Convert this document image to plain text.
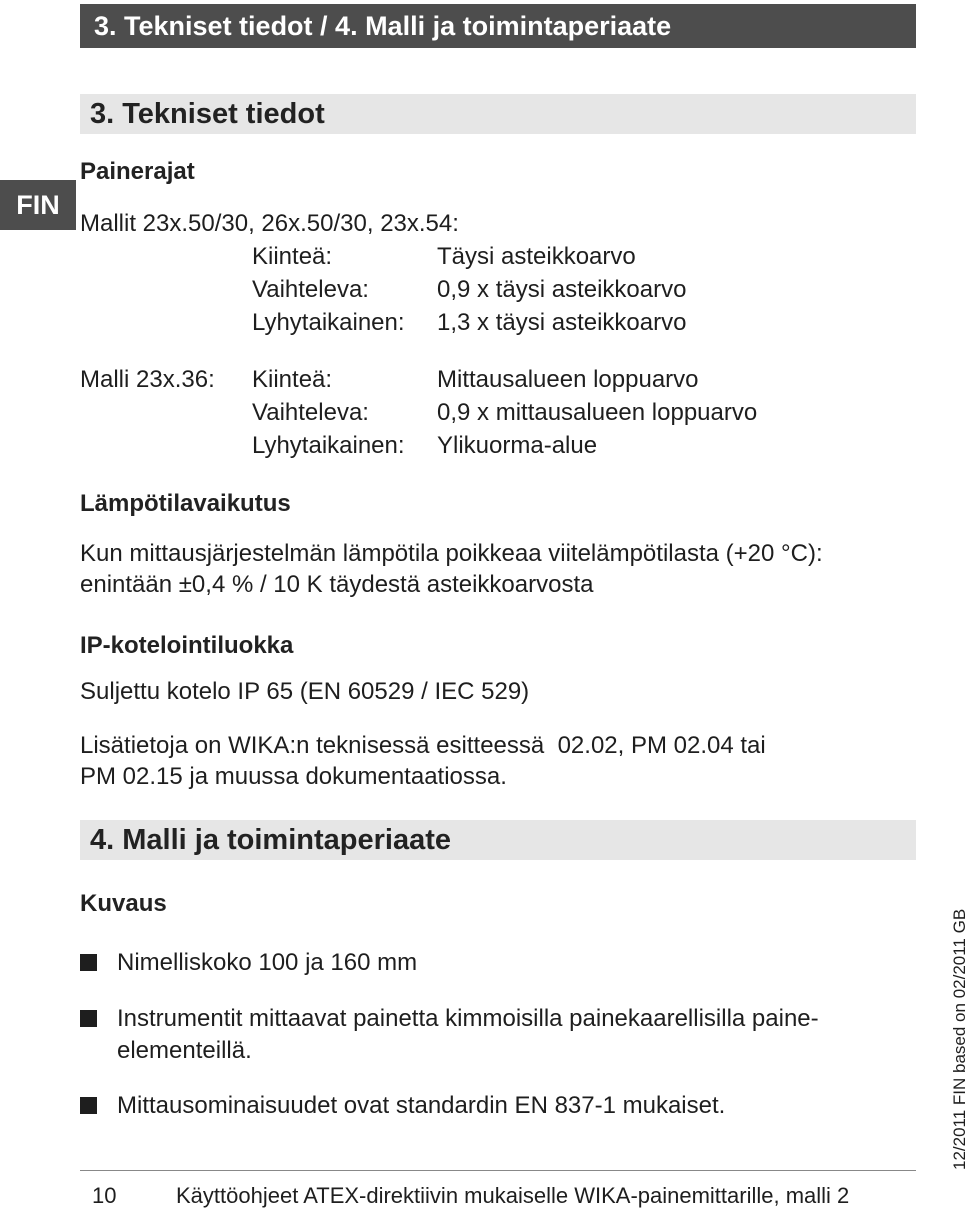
3. Tekniset tiedot / 4. Malli ja toimintaperiaate
3. Tekniset tiedot
FIN
Painerajat
Mallit 23x.50/30, 26x.50/30, 23x.54:
Kiinteä:	Täysi asteikkoarvo
Vaihteleva:	0,9 x täysi asteikkoarvo
Lyhytaikainen: 1,3 x täysi asteikkoarvo
Malli 23x.36: Kiinteä:	Mittausalueen loppuarvo
Vaihteleva:	0,9 x mittausalueen loppuarvo
Lyhytaikainen: Ylikuorma-alue
Lämpötilavaikutus
Kun mittausjärjestelmän lämpötila poikkeaa viitelämpötilasta (+20 °C):
enintään ±0,4 % / 10 K täydestä asteikkoarvosta
IP-kotelointiluokka
Suljettu kotelo IP 65 (EN 60529 / IEC 529)
Lisätietoja on WIKA:n teknisessä esitteessä  02.02, PM 02.04 tai
PM 02.15 ja muussa dokumentaatiossa.
4. Malli ja toimintaperiaate
Kuvaus
Nimelliskoko 100 ja 160 mm
Instrumentit mittaavat painetta kimmoisilla painekaarellisilla paine-
elementeillä.
Mittausominaisuudet ovat standardin EN 837-1 mukaiset.
10	Käyttöohjeet ATEX-direktiivin mukaiselle WIKA-painemittarille, malli 2
12/2011 FIN based on 02/2011 GB
